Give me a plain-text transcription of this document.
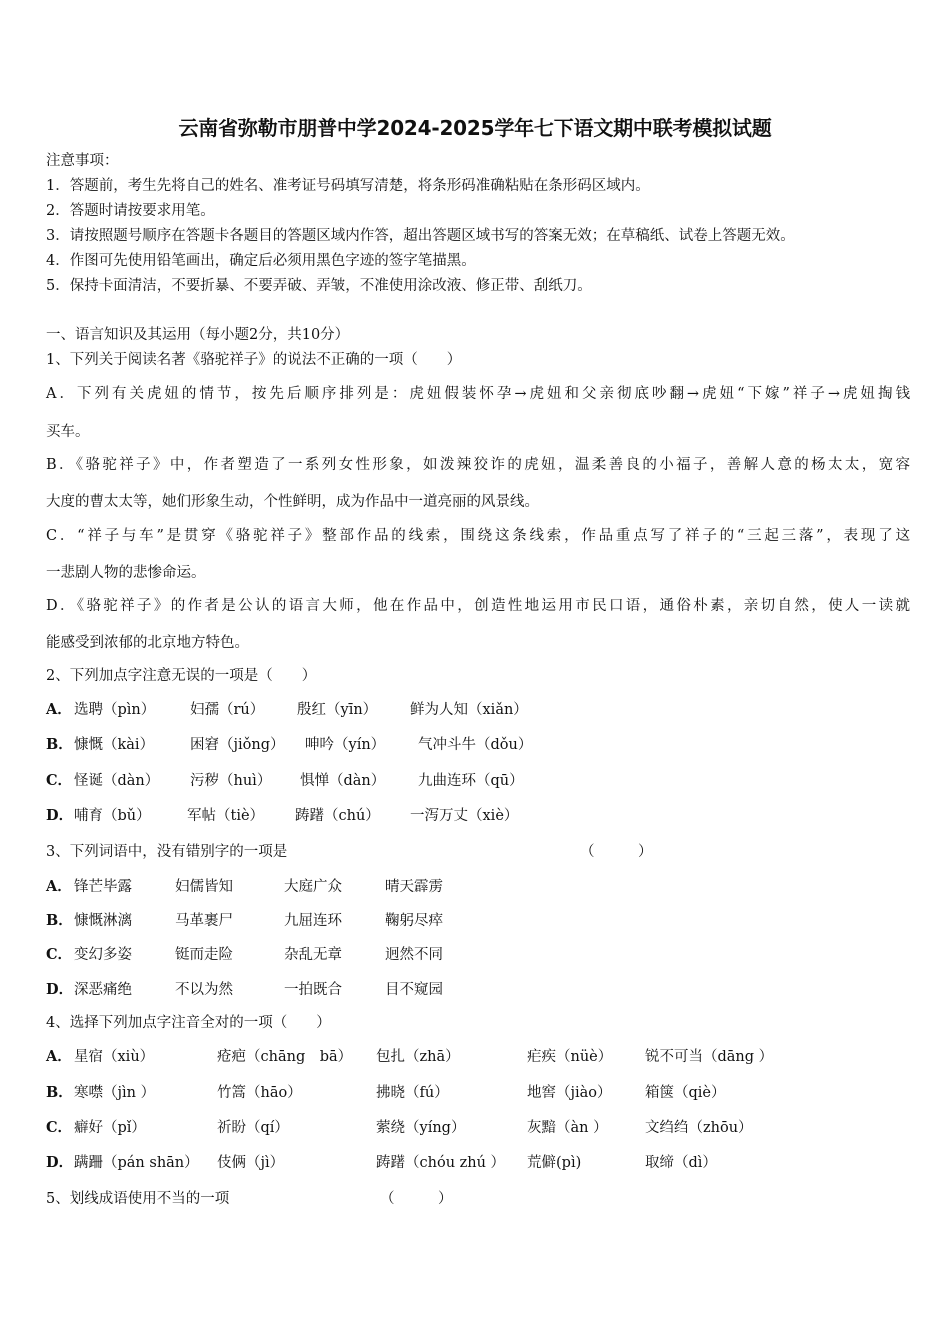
云南省弥勒市朋普中学2024-2025学年七下语文期中联考模拟试题
注意事项：
1．答题前，考生先将自己的姓名、准考证号码填写清楚，将条形码准确粘贴在条形码区域内。
2．答题时请按要求用笔。
3．请按照题号顺序在答题卡各题目的答题区域内作答，超出答题区域书写的答案无效；在草稿纸、试卷上答题无效。
4．作图可先使用铅笔画出，确定后必须用黑色字迹的签字笔描黑。
5．保持卡面清洁，不要折暴、不要弄破、弄皱，不准使用涂改液、修正带、刮纸刀。
一、语言知识及其运用（每小题2分，共10分）
1、下列关于阅读名著《骆驼祥子》的说法不正确的一项（　　）
A．下列有关虎妞的情节，按先后顺序排列是：虎妞假装怀孕→虎妞和父亲彻底吵翻→虎妞“下嫁”祥子→虎妞掏钱
买车。
B．《骆驼祥子》中，作者塑造了一系列女性形象，如泼辣狡诈的虎妞，温柔善良的小福子，善解人意的杨太太，宽容
大度的曹太太等，她们形象生动，个性鲜明，成为作品中一道亮丽的风景线。
C．“祥子与车”是贯穿《骆驼祥子》整部作品的线索，围绕这条线索，作品重点写了祥子的“三起三落”，表现了这
一悲剧人物的悲惨命运。
D．《骆驼祥子》的作者是公认的语言大师，他在作品中，创造性地运用市民口语，通俗朴素，亲切自然，使人一读就
能感受到浓郁的北京地方特色。
2、下列加点字注意无误的一项是（　　）
A． 选聘（pìn） 妇孺（rú） 殷红（yīn） 鲜为人知（xiǎn）
B． 慷慨（kài） 困窘（jiǒng） 呻吟（yín） 气冲斗牛（dǒu）
C． 怪诞（dàn） 污秽（huì） 惧惮（dàn） 九曲连环（qū）
D． 哺育（bǔ）	军帖（tiè） 踌躇（chú） 一泻万丈（xiè）
3、下列词语中，没有错别字的一项是	（　　　）
A． 锋芒毕露	妇儒皆知	大庭广众	晴天霹雳
B． 慷慨淋漓	马革裹尸	九屈连环	鞠躬尽瘁
C． 变幻多姿	铤而走险	杂乱无章	迥然不同
D． 深恶痛绝	不以为然	一拍既合	目不窥园
4、选择下列加点字注音全对的一项（　　）
A． 星宿（xiù）	疮疤（chāng　bā） 包扎（zhā）	疟疾（nüè） 锐不可当（dāng ）
B． 寒噤（jìn ）	竹篙（hāo）	拂晓（fú）	地窖（jiào） 箱箧（qiè）
C． 癖好（pǐ）	祈盼（qí）	萦绕（yíng）	灰黯（àn ）	文绉绉（zhōu）
D． 蹒跚（pán shān） 伎俩（jì）	踌躇（chóu zhú ） 荒僻(pì)	取缔（dì）
5、划线成语使用不当的一项	（　　　）
